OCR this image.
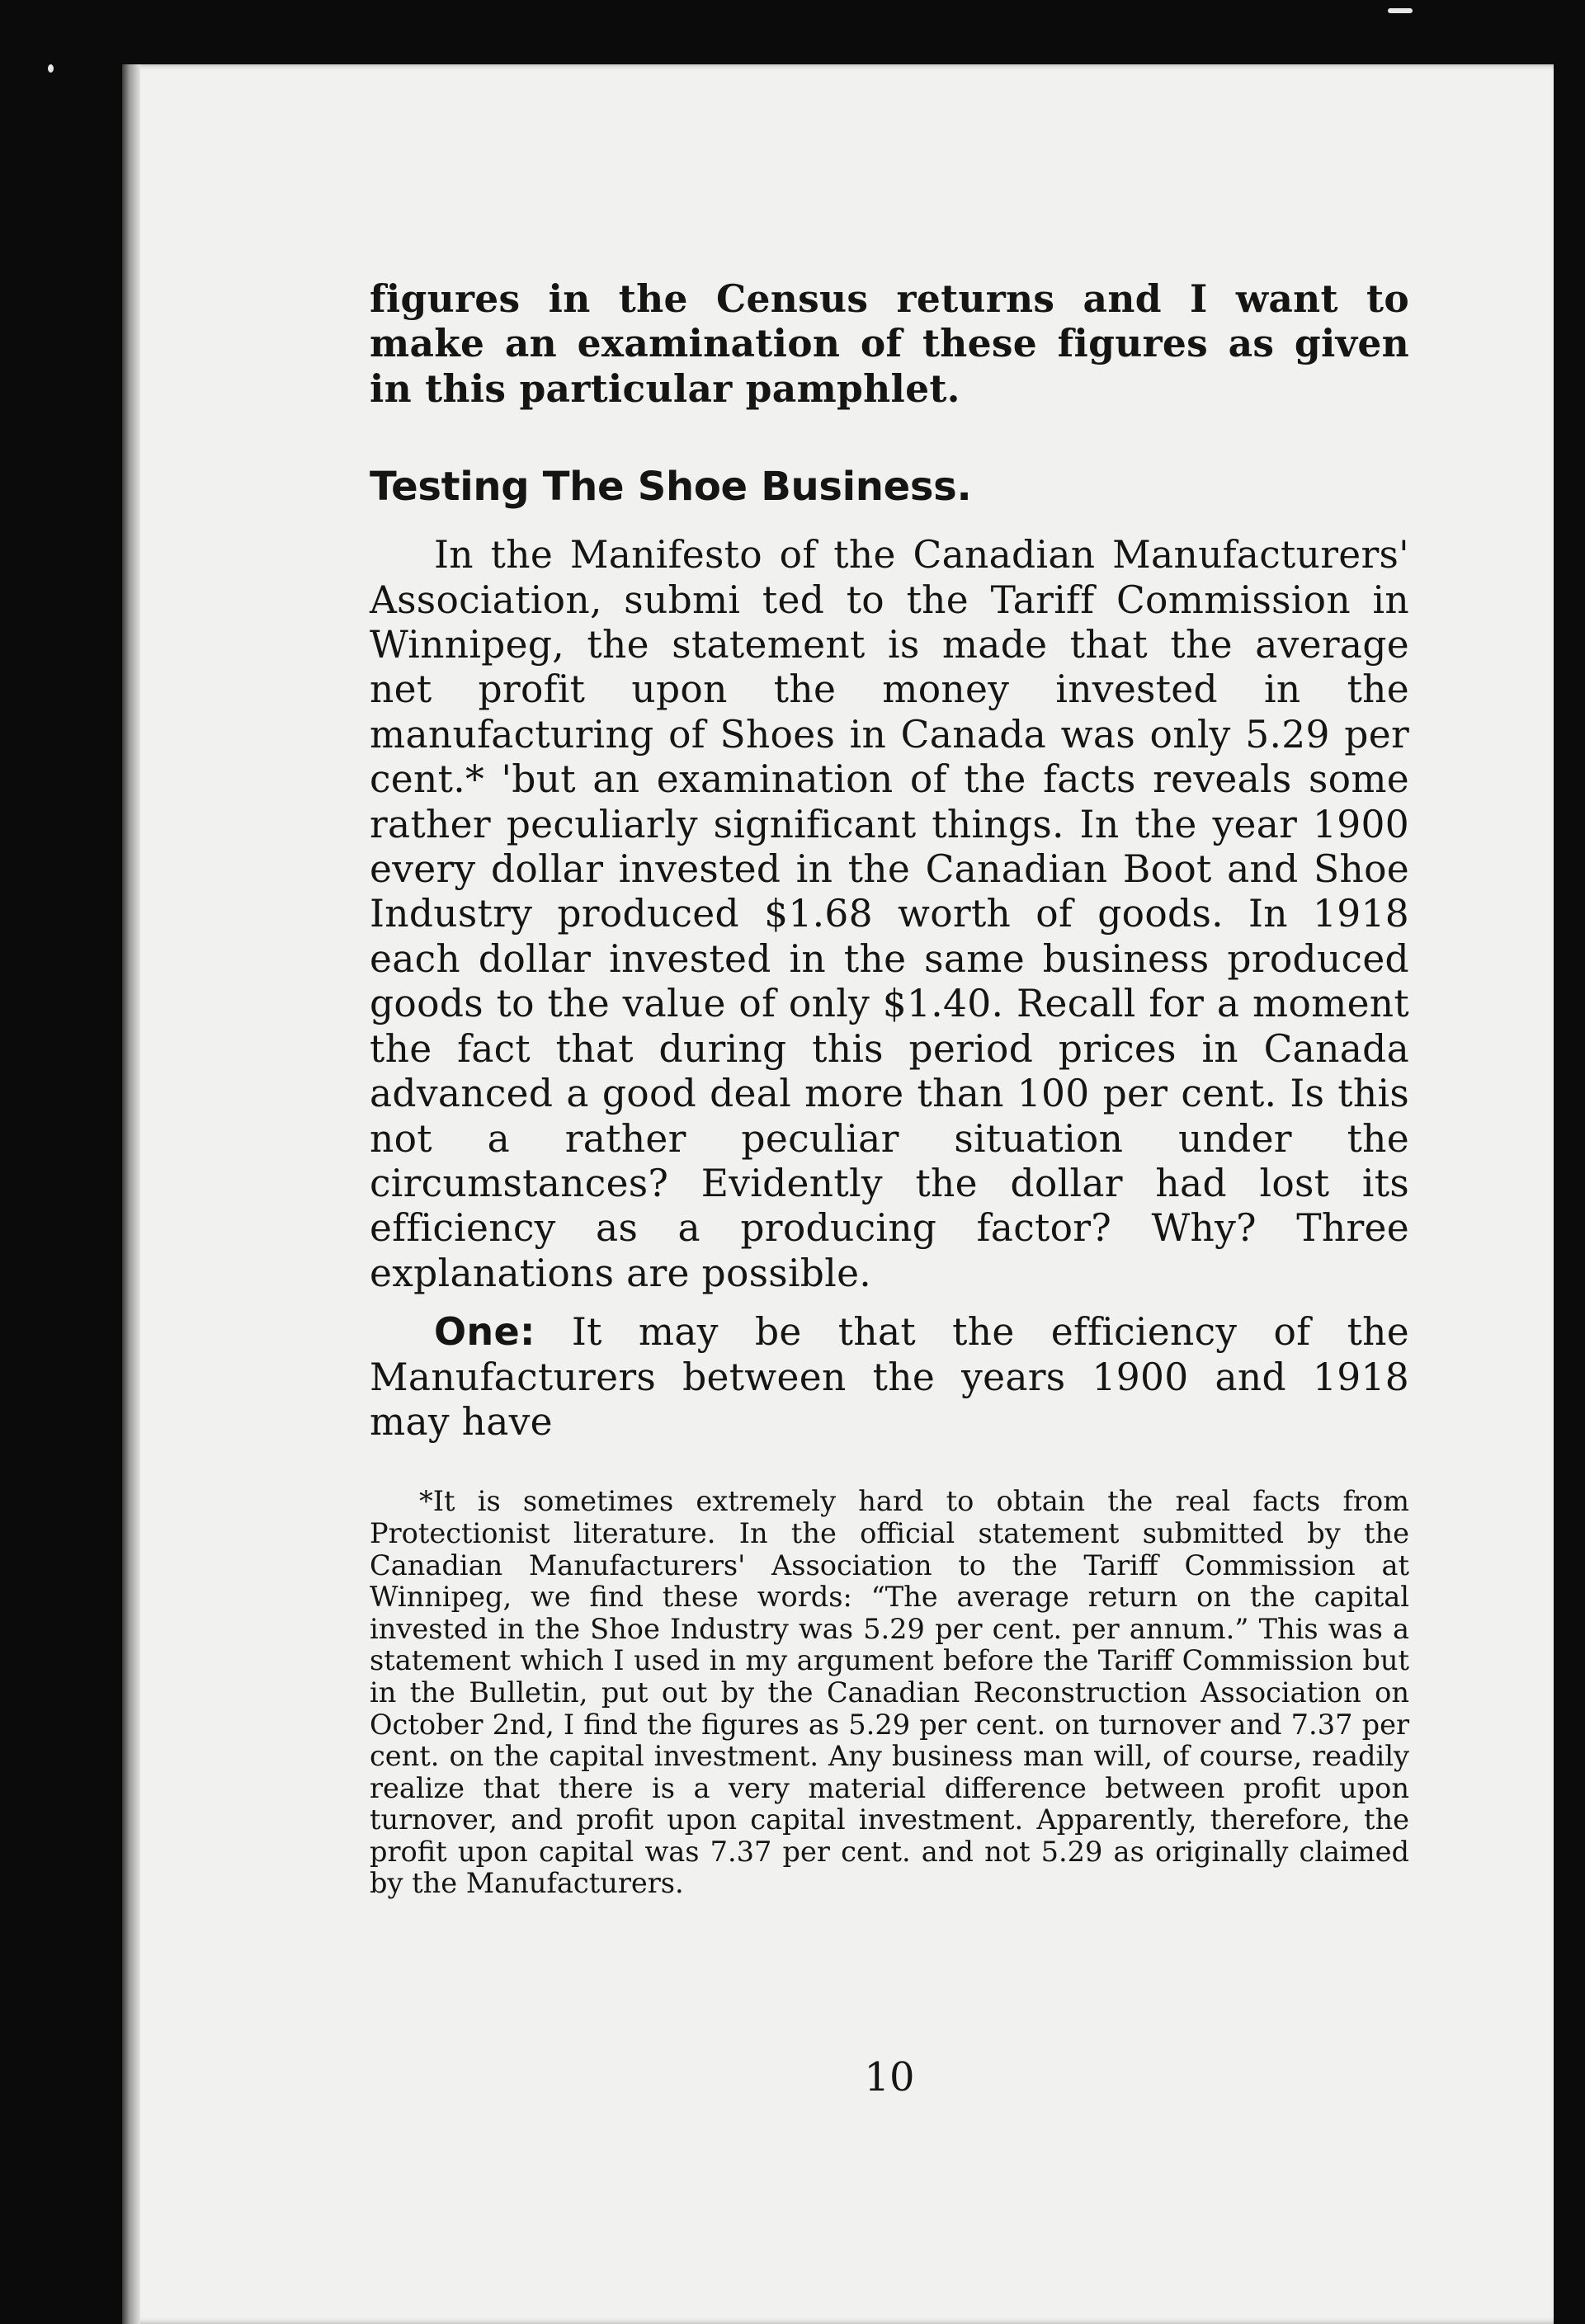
figures in the Census returns and I want to make an examination of these figures as given in this particular pamphlet.

Testing The Shoe Business.

In the Manifesto of the Canadian Manufacturers' Association, submi ted to the Tariff Commission in Winnipeg, the statement is made that the average net profit upon the money invested in the manufacturing of Shoes in Canada was only 5.29 per cent.* 'but an examination of the facts reveals some rather peculiarly significant things. In the year 1900 every dollar invested in the Canadian Boot and Shoe Industry produced $1.68 worth of goods. In 1918 each dollar invested in the same business produced goods to the value of only $1.40. Recall for a moment the fact that during this period prices in Canada advanced a good deal more than 100 per cent. Is this not a rather peculiar situation under the circumstances? Evidently the dollar had lost its efficiency as a producing factor? Why? Three explanations are possible.

One: It may be that the efficiency of the Manufacturers between the years 1900 and 1918 may have

*It is sometimes extremely hard to obtain the real facts from Protectionist literature. In the official statement submitted by the Canadian Manufacturers' Association to the Tariff Commission at Winnipeg, we find these words: “The average return on the capital invested in the Shoe Industry was 5.29 per cent. per annum.” This was a statement which I used in my argument before the Tariff Commission but in the Bulletin, put out by the Canadian Reconstruction Association on October 2nd, I find the figures as 5.29 per cent. on turnover and 7.37 per cent. on the capital investment. Any business man will, of course, readily realize that there is a very material difference between profit upon turnover, and profit upon capital investment. Apparently, therefore, the profit upon capital was 7.37 per cent. and not 5.29 as originally claimed by the Manufacturers.

10
